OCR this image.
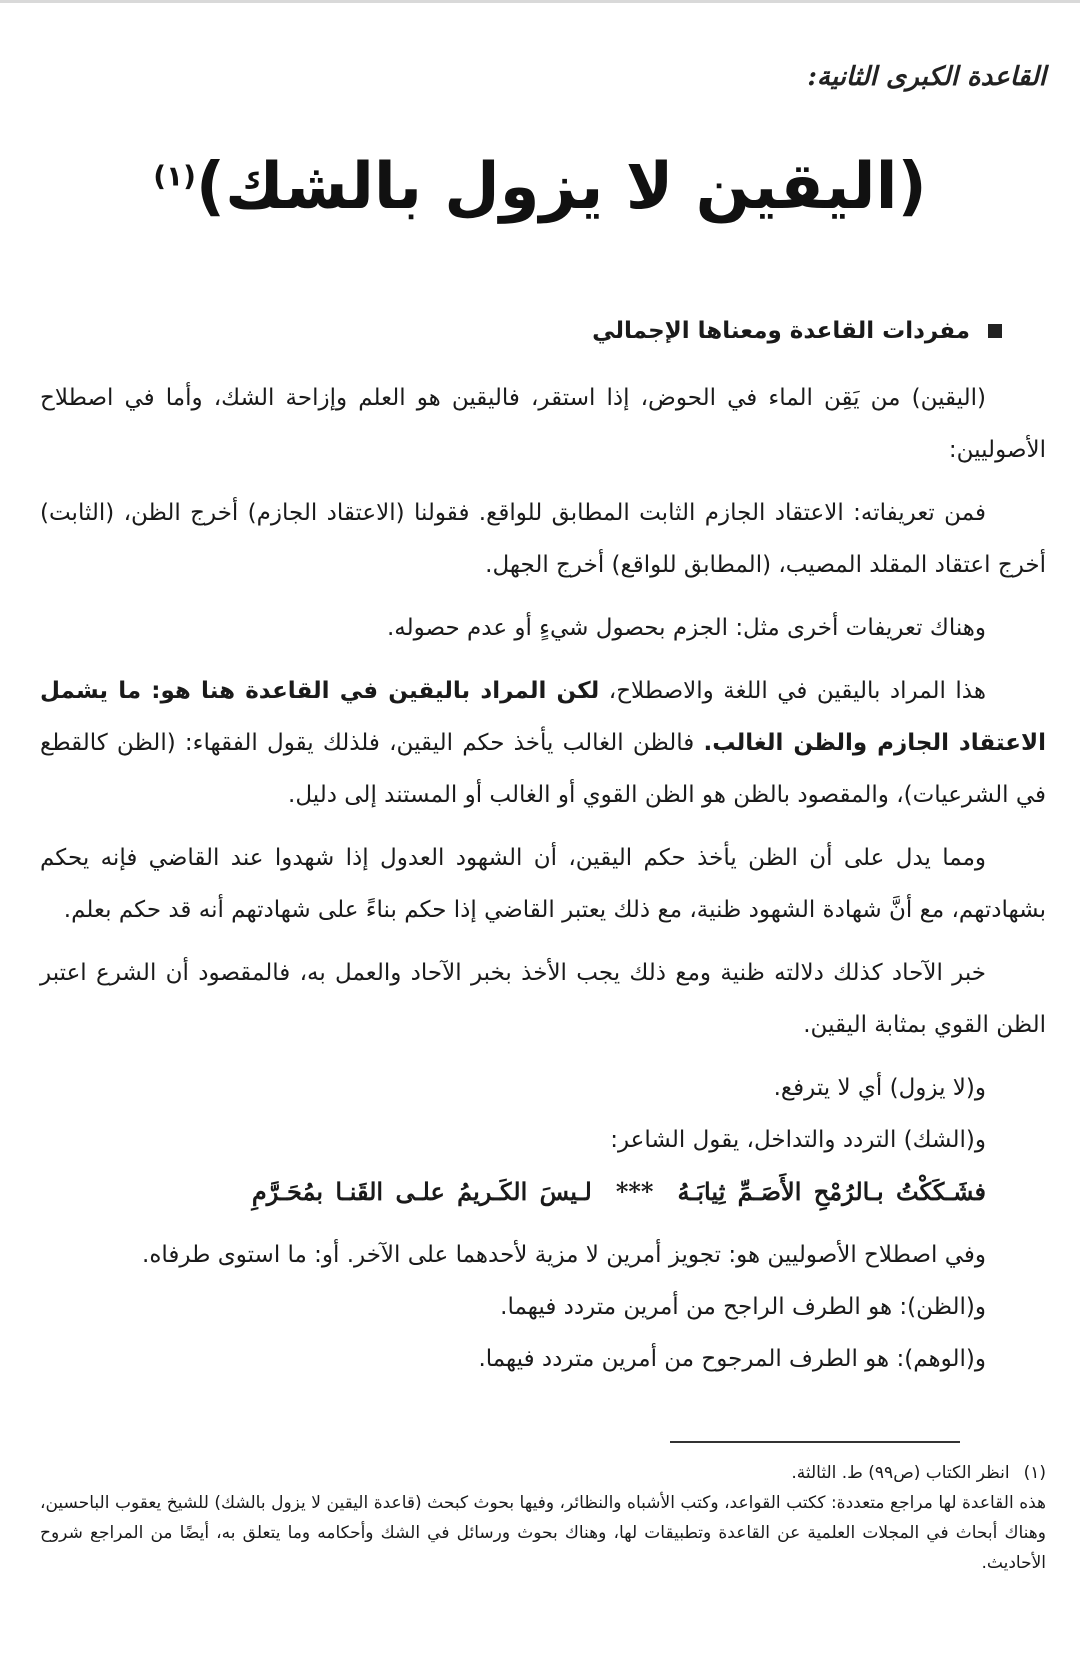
القاعدة الكبرى الثانية:
(اليقين لا يزول بالشك)$^{(١)}$
مفردات القاعدة ومعناها الإجمالي

(اليقين) من يَقِن الماء في الحوض، إذا استقر، فاليقين هو العلم وإزاحة الشك، وأما في اصطلاح الأصوليين:

فمن تعريفاته: الاعتقاد الجازم الثابت المطابق للواقع. فقولنا (الاعتقاد الجازم) أخرج الظن، (الثابت) أخرج اعتقاد المقلد المصيب، (المطابق للواقع) أخرج الجهل.

وهناك تعريفات أخرى مثل: الجزم بحصول شيءٍ أو عدم حصوله.

هذا المراد باليقين في اللغة والاصطلاح، لكن المراد باليقين في القاعدة هنا هو: ما يشمل الاعتقاد الجازم والظن الغالب. فالظن الغالب يأخذ حكم اليقين، فلذلك يقول الفقهاء: (الظن كالقطع في الشرعيات)، والمقصود بالظن هو الظن القوي أو الغالب أو المستند إلى دليل.

ومما يدل على أن الظن يأخذ حكم اليقين، أن الشهود العدول إذا شهدوا عند القاضي فإنه يحكم بشهادتهم، مع أنَّ شهادة الشهود ظنية، مع ذلك يعتبر القاضي إذا حكم بناءً على شهادتهم أنه قد حكم بعلم.

خبر الآحاد كذلك دلالته ظنية ومع ذلك يجب الأخذ بخبر الآحاد والعمل به، فالمقصود أن الشرع اعتبر الظن القوي بمثابة اليقين.

و(لا يزول) أي لا يترفع.

و(الشك) التردد والتداخل، يقول الشاعر:

فشَـكَكْتُ بـالرُمْحِ الأَصَـمِّ ثِيابَـهُ***لـيسَ الكَـريمُ علـى القَنـا بمُحَـرَّمِ

وفي اصطلاح الأصوليين هو: تجويز أمرين لا مزية لأحدهما على الآخر. أو: ما استوى طرفاه.

و(الظن): هو الطرف الراجح من أمرين متردد فيهما.

و(الوهم): هو الطرف المرجوح من أمرين متردد فيهما.

(١)
انظر الكتاب (ص٩٩) ط. الثالثة.

هذه القاعدة لها مراجع متعددة: ككتب القواعد، وكتب الأشباه والنظائر، وفيها بحوث كبحث (قاعدة اليقين لا يزول بالشك) للشيخ يعقوب الباحسين، وهناك أبحاث في المجلات العلمية عن القاعدة وتطبيقات لها، وهناك بحوث ورسائل في الشك وأحكامه وما يتعلق به، أيضًا من المراجع شروح الأحاديث.
